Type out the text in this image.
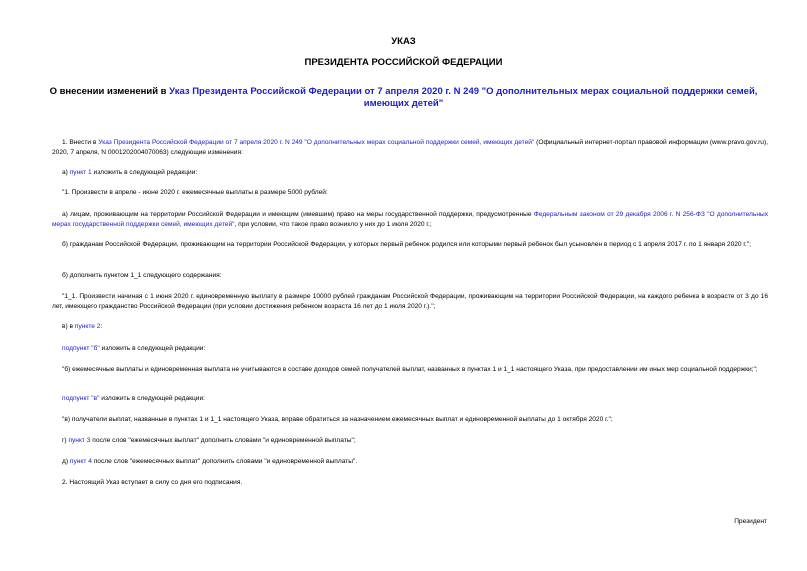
УКАЗ
ПРЕЗИДЕНТА РОССИЙСКОЙ ФЕДЕРАЦИИ
О внесении изменений в Указ Президента Российской Федерации от 7 апреля 2020 г. N 249 "О дополнительных мерах социальной поддержки семей, имеющих детей"
1. Внести в Указ Президента Российской Федерации от 7 апреля 2020 г. N 249 "О дополнительных мерах социальной поддержки семей, имеющих детей" (Официальный интернет-портал правовой информации (www.pravo.gov.ru), 2020, 7 апреля, N 0001202004070063) следующие изменения:
а) пункт 1 изложить в следующей редакции:
"1. Произвести в апреле - июне 2020 г. ежемесячные выплаты в размере 5000 рублей:
а) лицам, проживающим на территории Российской Федерации и имеющим (имевшим) право на меры государственной поддержки, предусмотренные Федеральным законом от 29 декабря 2006 г. N 256-ФЗ "О дополнительных мерах государственной поддержки семей, имеющих детей", при условии, что такое право возникло у них до 1 июля 2020 г.;
б) гражданам Российской Федерации, проживающим на территории Российской Федерации, у которых первый ребенок родился или которыми первый ребенок был усыновлен в период с 1 апреля 2017 г. по 1 января 2020 г.";
б) дополнить пунктом 1_1 следующего содержания:
"1_1. Произвести начиная с 1 июня 2020 г. единовременную выплату в размере 10000 рублей гражданам Российской Федерации, проживающим на территории Российской Федерации, на каждого ребенка в возрасте от 3 до 16 лет, имеющего гражданство Российской Федерации (при условии достижения ребенком возраста 16 лет до 1 июля 2020 г.).";
в) в пункте 2:
подпункт "б" изложить в следующей редакции:
"б) ежемесячные выплаты и единовременная выплата не учитываются в составе доходов семей получателей выплат, названных в пунктах 1 и 1_1 настоящего Указа, при предоставлении им иных мер социальной поддержки;";
подпункт "в" изложить в следующей редакции:
"в) получатели выплат, названные в пунктах 1 и 1_1 настоящего Указа, вправе обратиться за назначением ежемесячных выплат и единовременной выплаты до 1 октября 2020 г.";
г) пункт 3 после слов "ежемесячных выплат" дополнить словами "и единовременной выплаты";
д) пункт 4 после слов "ежемесячных выплат" дополнить словами "и единовременной выплаты".
2. Настоящий Указ вступает в силу со дня его подписания.
Президент
